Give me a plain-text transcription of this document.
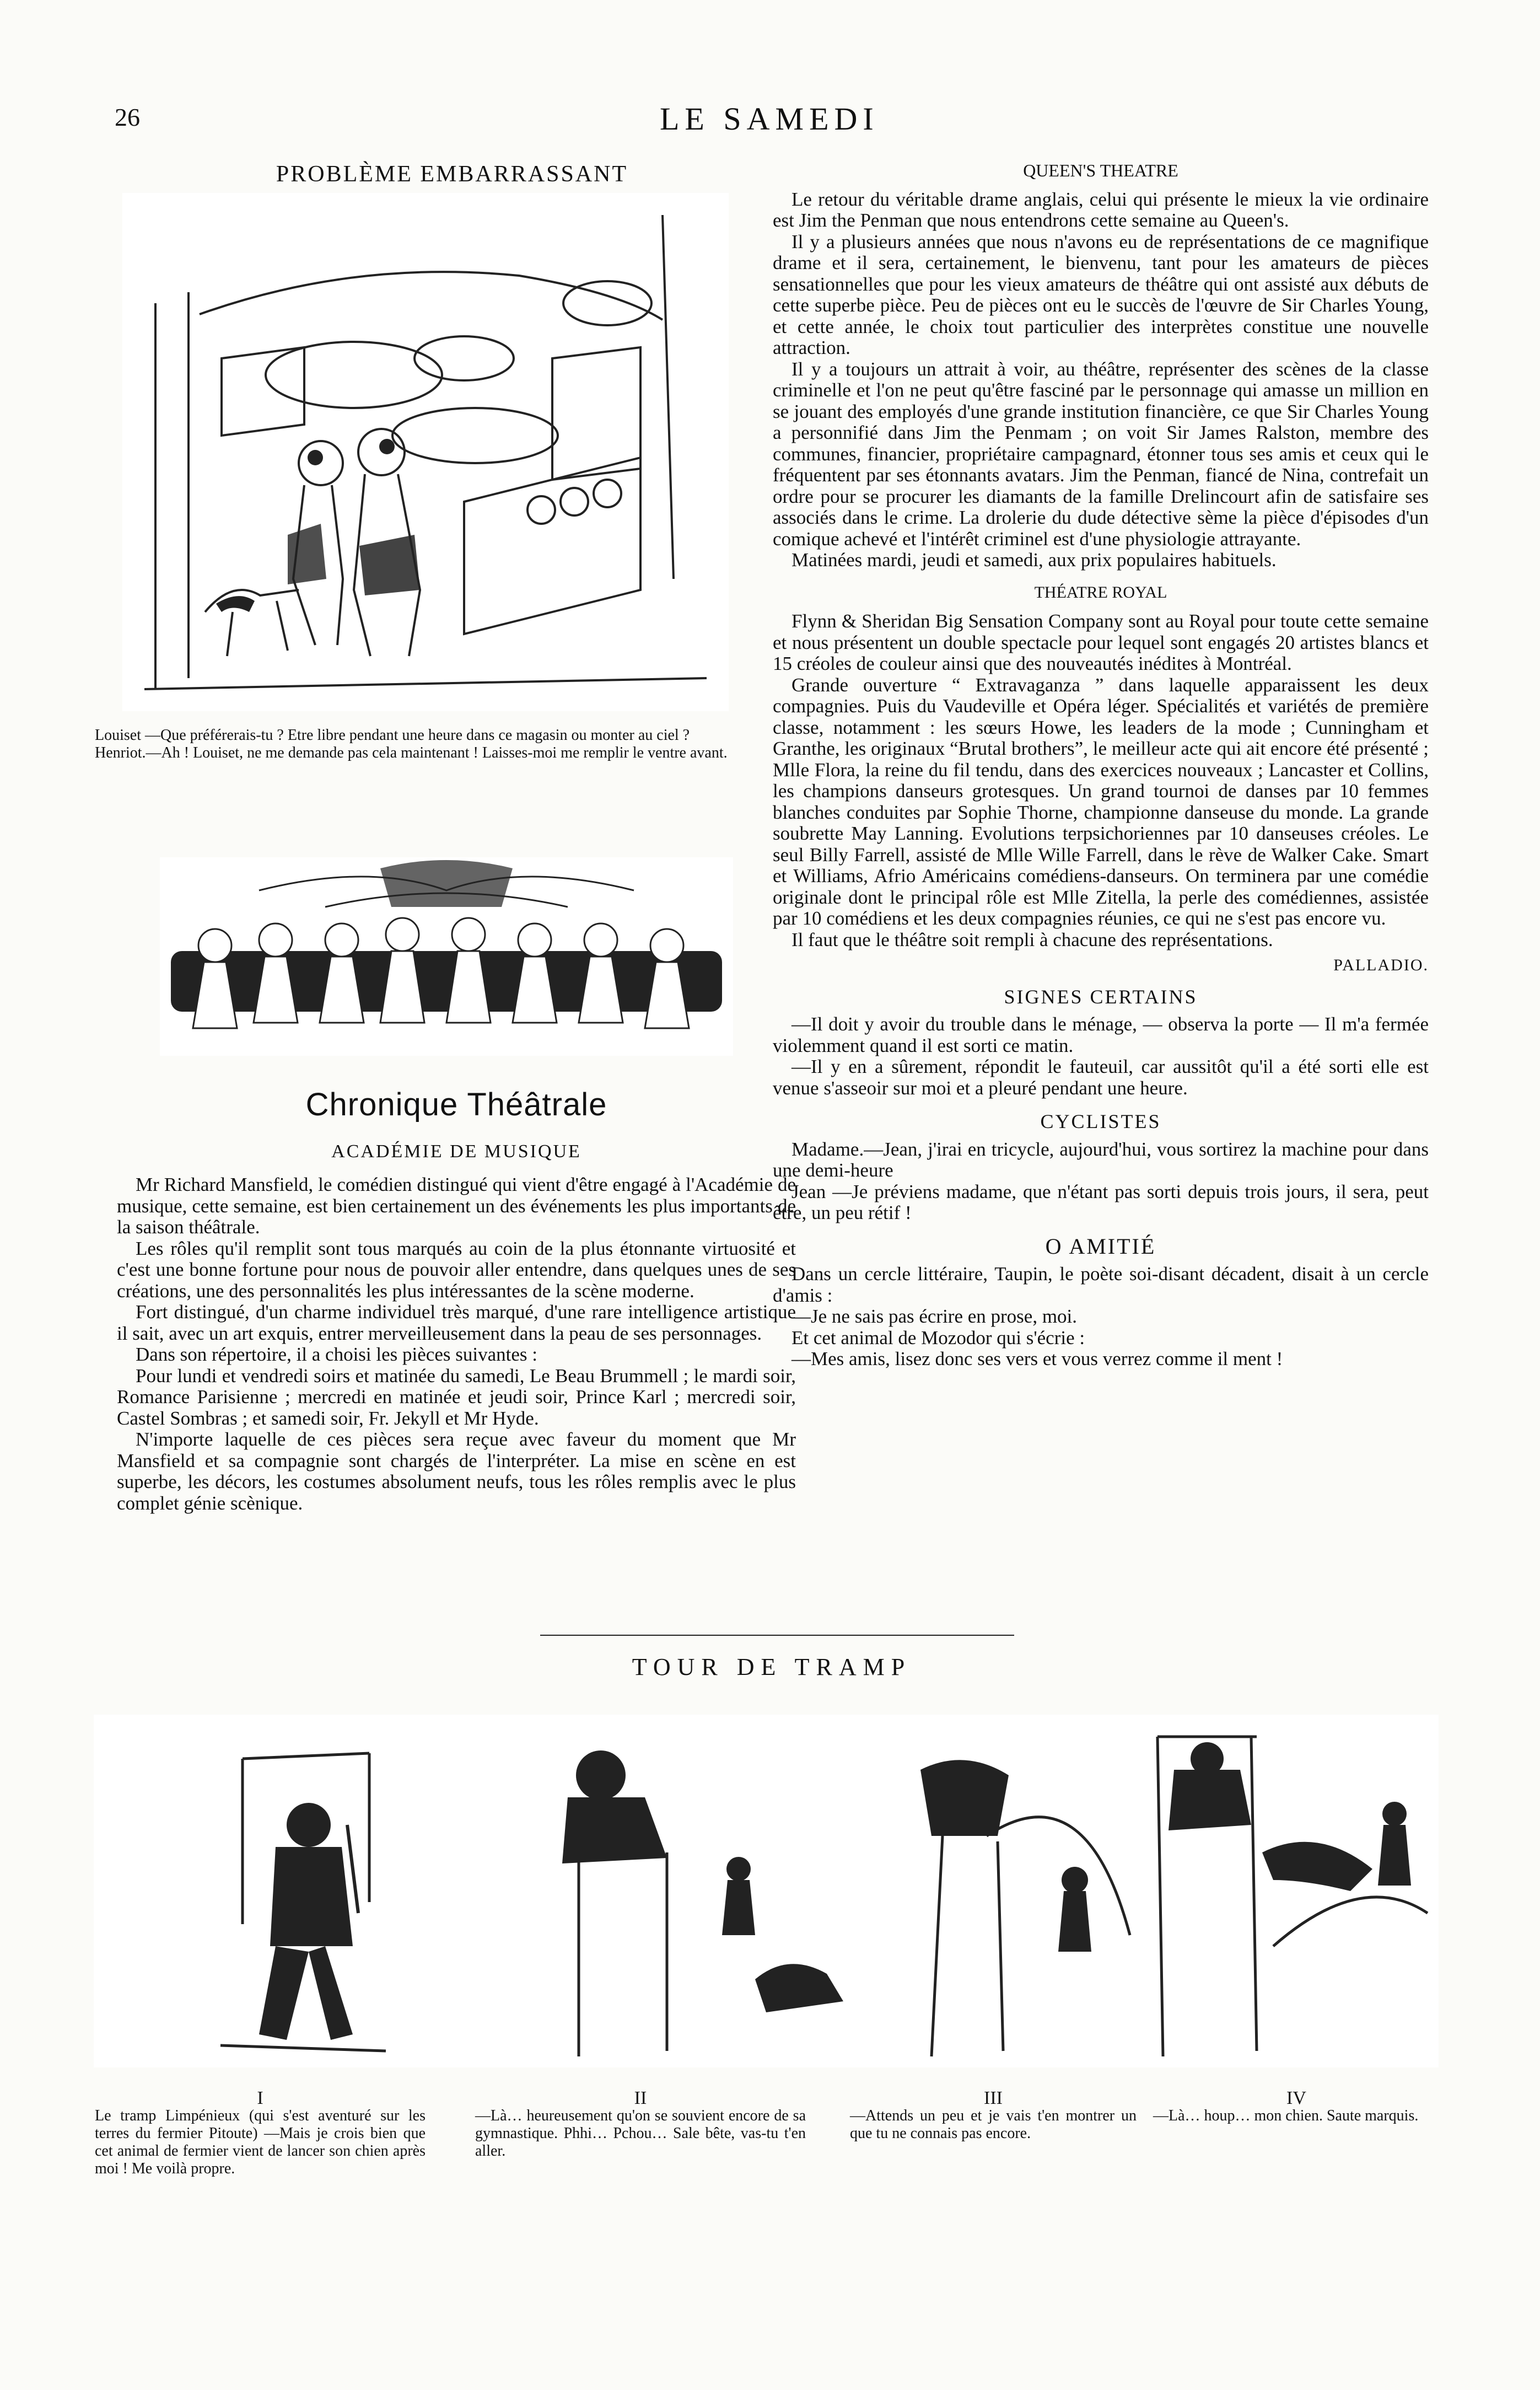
26	LE SAMEDI
PROBLÈME EMBARRASSANT

Louiset —Que préférerais-tu ? Etre libre pendant une heure dans ce magasin ou monter au ciel ?

Henriot.—Ah ! Louiset, ne me demande pas cela maintenant ! Laisses-moi me remplir le ventre avant.

Chronique Théâtrale
ACADÉMIE DE MUSIQUE

Mr Richard Mansfield, le comédien distingué qui vient d'être engagé à l'Académie de musique, cette semaine, est bien certainement un des événements les plus importants de la saison théâtrale.

Les rôles qu'il remplit sont tous marqués au coin de la plus étonnante virtuosité et c'est une bonne fortune pour nous de pouvoir aller entendre, dans quelques unes de ses créations, une des personnalités les plus intéressantes de la scène moderne.

Fort distingué, d'un charme individuel très marqué, d'une rare intelligence artistique il sait, avec un art exquis, entrer merveilleusement dans la peau de ses personnages.

Dans son répertoire, il a choisi les pièces suivantes :

Pour lundi et vendredi soirs et matinée du samedi, Le Beau Brummell ; le mardi soir, Romance Parisienne ; mercredi en matinée et jeudi soir, Prince Karl ; mercredi soir, Castel Sombras ; et samedi soir, Fr. Jekyll et Mr Hyde.

N'importe laquelle de ces pièces sera reçue avec faveur du moment que Mr Mansfield et sa compagnie sont chargés de l'interpréter. La mise en scène en est superbe, les décors, les costumes absolument neufs, tous les rôles remplis avec le plus complet génie scènique.

QUEEN'S THEATRE

Le retour du véritable drame anglais, celui qui présente le mieux la vie ordinaire est Jim the Penman que nous entendrons cette semaine au Queen's.

Il y a plusieurs années que nous n'avons eu de représentations de ce magnifique drame et il sera, certainement, le bienvenu, tant pour les amateurs de pièces sensationnelles que pour les vieux amateurs de théâtre qui ont assisté aux débuts de cette superbe pièce. Peu de pièces ont eu le succès de l'œuvre de Sir Charles Young, et cette année, le choix tout particulier des interprètes constitue une nouvelle attraction.

Il y a toujours un attrait à voir, au théâtre, représenter des scènes de la classe criminelle et l'on ne peut qu'être fasciné par le personnage qui amasse un million en se jouant des employés d'une grande institution financière, ce que Sir Charles Young a personnifié dans Jim the Penmam ; on voit Sir James Ralston, membre des communes, financier, propriétaire campagnard, étonner tous ses amis et ceux qui le fréquentent par ses étonnants avatars. Jim the Penman, fiancé de Nina, contrefait un ordre pour se procurer les diamants de la famille Drelincourt afin de satisfaire ses associés dans le crime. La drolerie du dude détective sème la pièce d'épisodes d'un comique achevé et l'intérêt criminel est d'une physiologie attrayante.

Matinées mardi, jeudi et samedi, aux prix populaires habituels.

THÉATRE ROYAL

Flynn & Sheridan Big Sensation Company sont au Royal pour toute cette semaine et nous présentent un double spectacle pour lequel sont engagés 20 artistes blancs et 15 créoles de couleur ainsi que des nouveautés inédites à Montréal.

Grande ouverture “ Extravaganza ” dans laquelle apparaissent les deux compagnies. Puis du Vaudeville et Opéra léger. Spécialités et variétés de première classe, notamment : les sœurs Howe, les leaders de la mode ; Cunningham et Granthe, les originaux “Brutal brothers”, le meilleur acte qui ait encore été présenté ; Mlle Flora, la reine du fil tendu, dans des exercices nouveaux ; Lancaster et Collins, les champions danseurs grotesques. Un grand tournoi de danses par 10 femmes blanches conduites par Sophie Thorne, championne danseuse du monde. La grande soubrette May Lanning. Evolutions terpsichoriennes par 10 danseuses créoles. Le seul Billy Farrell, assisté de Mlle Wille Farrell, dans le rève de Walker Cake. Smart et Williams, Afrio Américains comédiens-danseurs. On terminera par une comédie originale dont le principal rôle est Mlle Zitella, la perle des comédiennes, assistée par 10 comédiens et les deux compagnies réunies, ce qui ne s'est pas encore vu.

Il faut que le théâtre soit rempli à chacune des représentations.

PALLADIO.
SIGNES CERTAINS

—Il doit y avoir du trouble dans le ménage, — observa la porte — Il m'a fermée violemment quand il est sorti ce matin.

—Il y en a sûrement, répondit le fauteuil, car aussitôt qu'il a été sorti elle est venue s'asseoir sur moi et a pleuré pendant une heure.

CYCLISTES

Madame.—Jean, j'irai en tricycle, aujourd'hui, vous sortirez la machine pour dans une demi-heure

Jean —Je préviens madame, que n'étant pas sorti depuis trois jours, il sera, peut être, un peu rétif !

O AMITIÉ

Dans un cercle littéraire, Taupin, le poète soi-disant décadent, disait à un cercle d'amis :

—Je ne sais pas écrire en prose, moi.

Et cet animal de Mozodor qui s'écrie :

—Mes amis, lisez donc ses vers et vous verrez comme il ment !

TOUR DE TRAMP
I
Le tramp Limpénieux (qui s'est aventuré sur les terres du fermier Pitoute) —Mais je crois bien que cet animal de fermier vient de lancer son chien après moi ! Me voilà propre.
II
—Là… heureusement qu'on se souvient encore de sa gymnastique. Phhi… Pchou… Sale bête, vas-tu t'en aller.
III
—Attends un peu et je vais t'en montrer un que tu ne connais pas encore.
IV
—Là… houp… mon chien. Saute marquis.
